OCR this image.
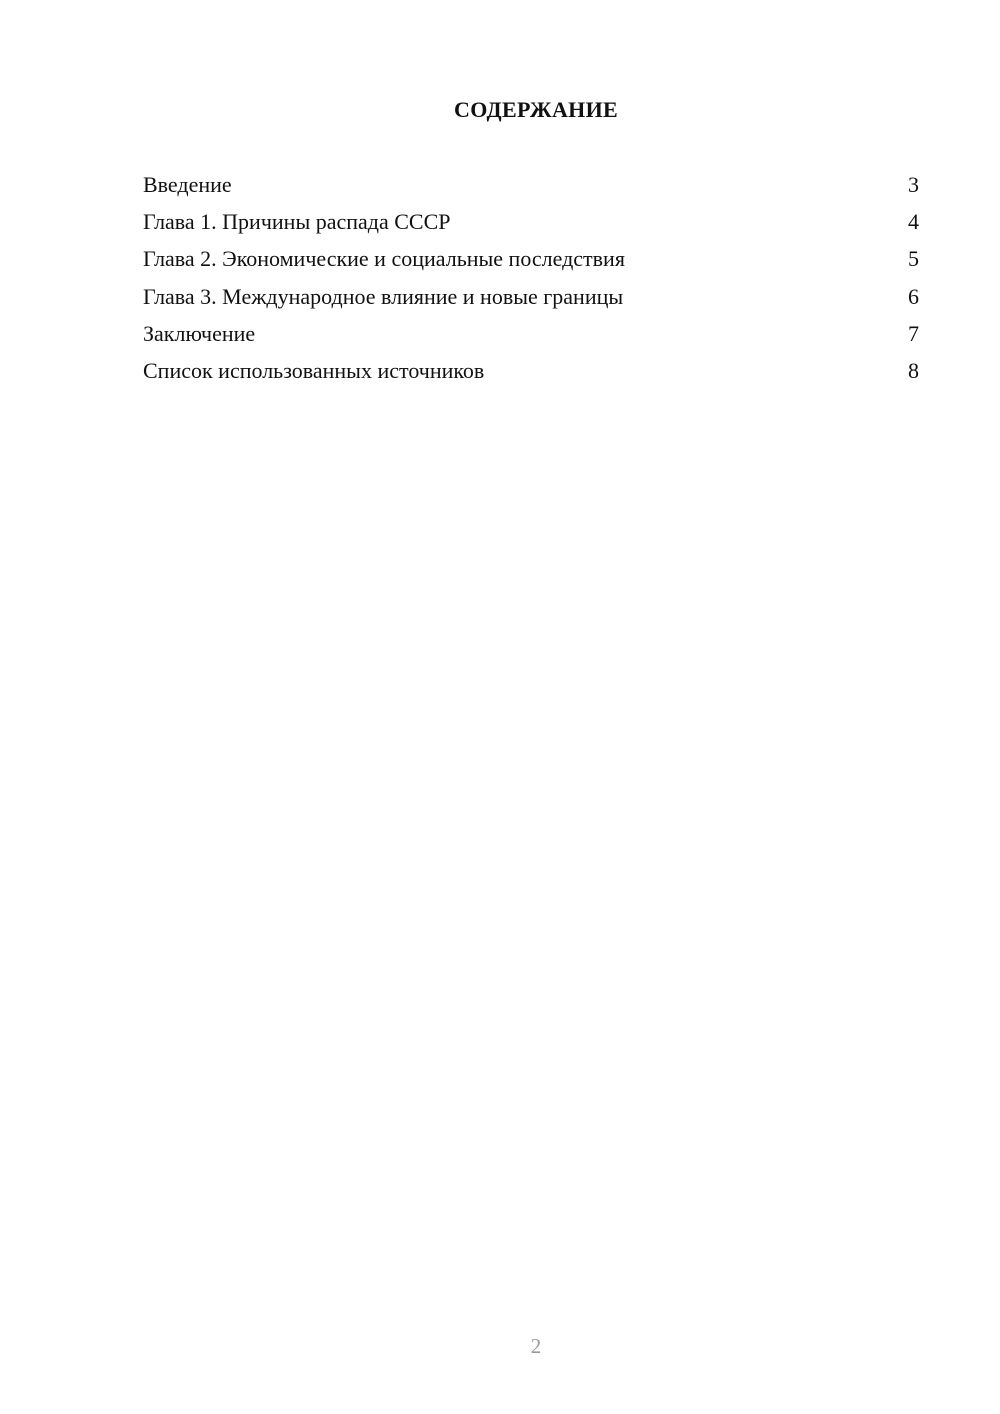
СОДЕРЖАНИЕ
Введение	3
Глава 1. Причины распада СССР	4
Глава 2. Экономические и социальные последствия	5
Глава 3. Международное влияние и новые границы	6
Заключение	7
Список использованных источников	8
2
